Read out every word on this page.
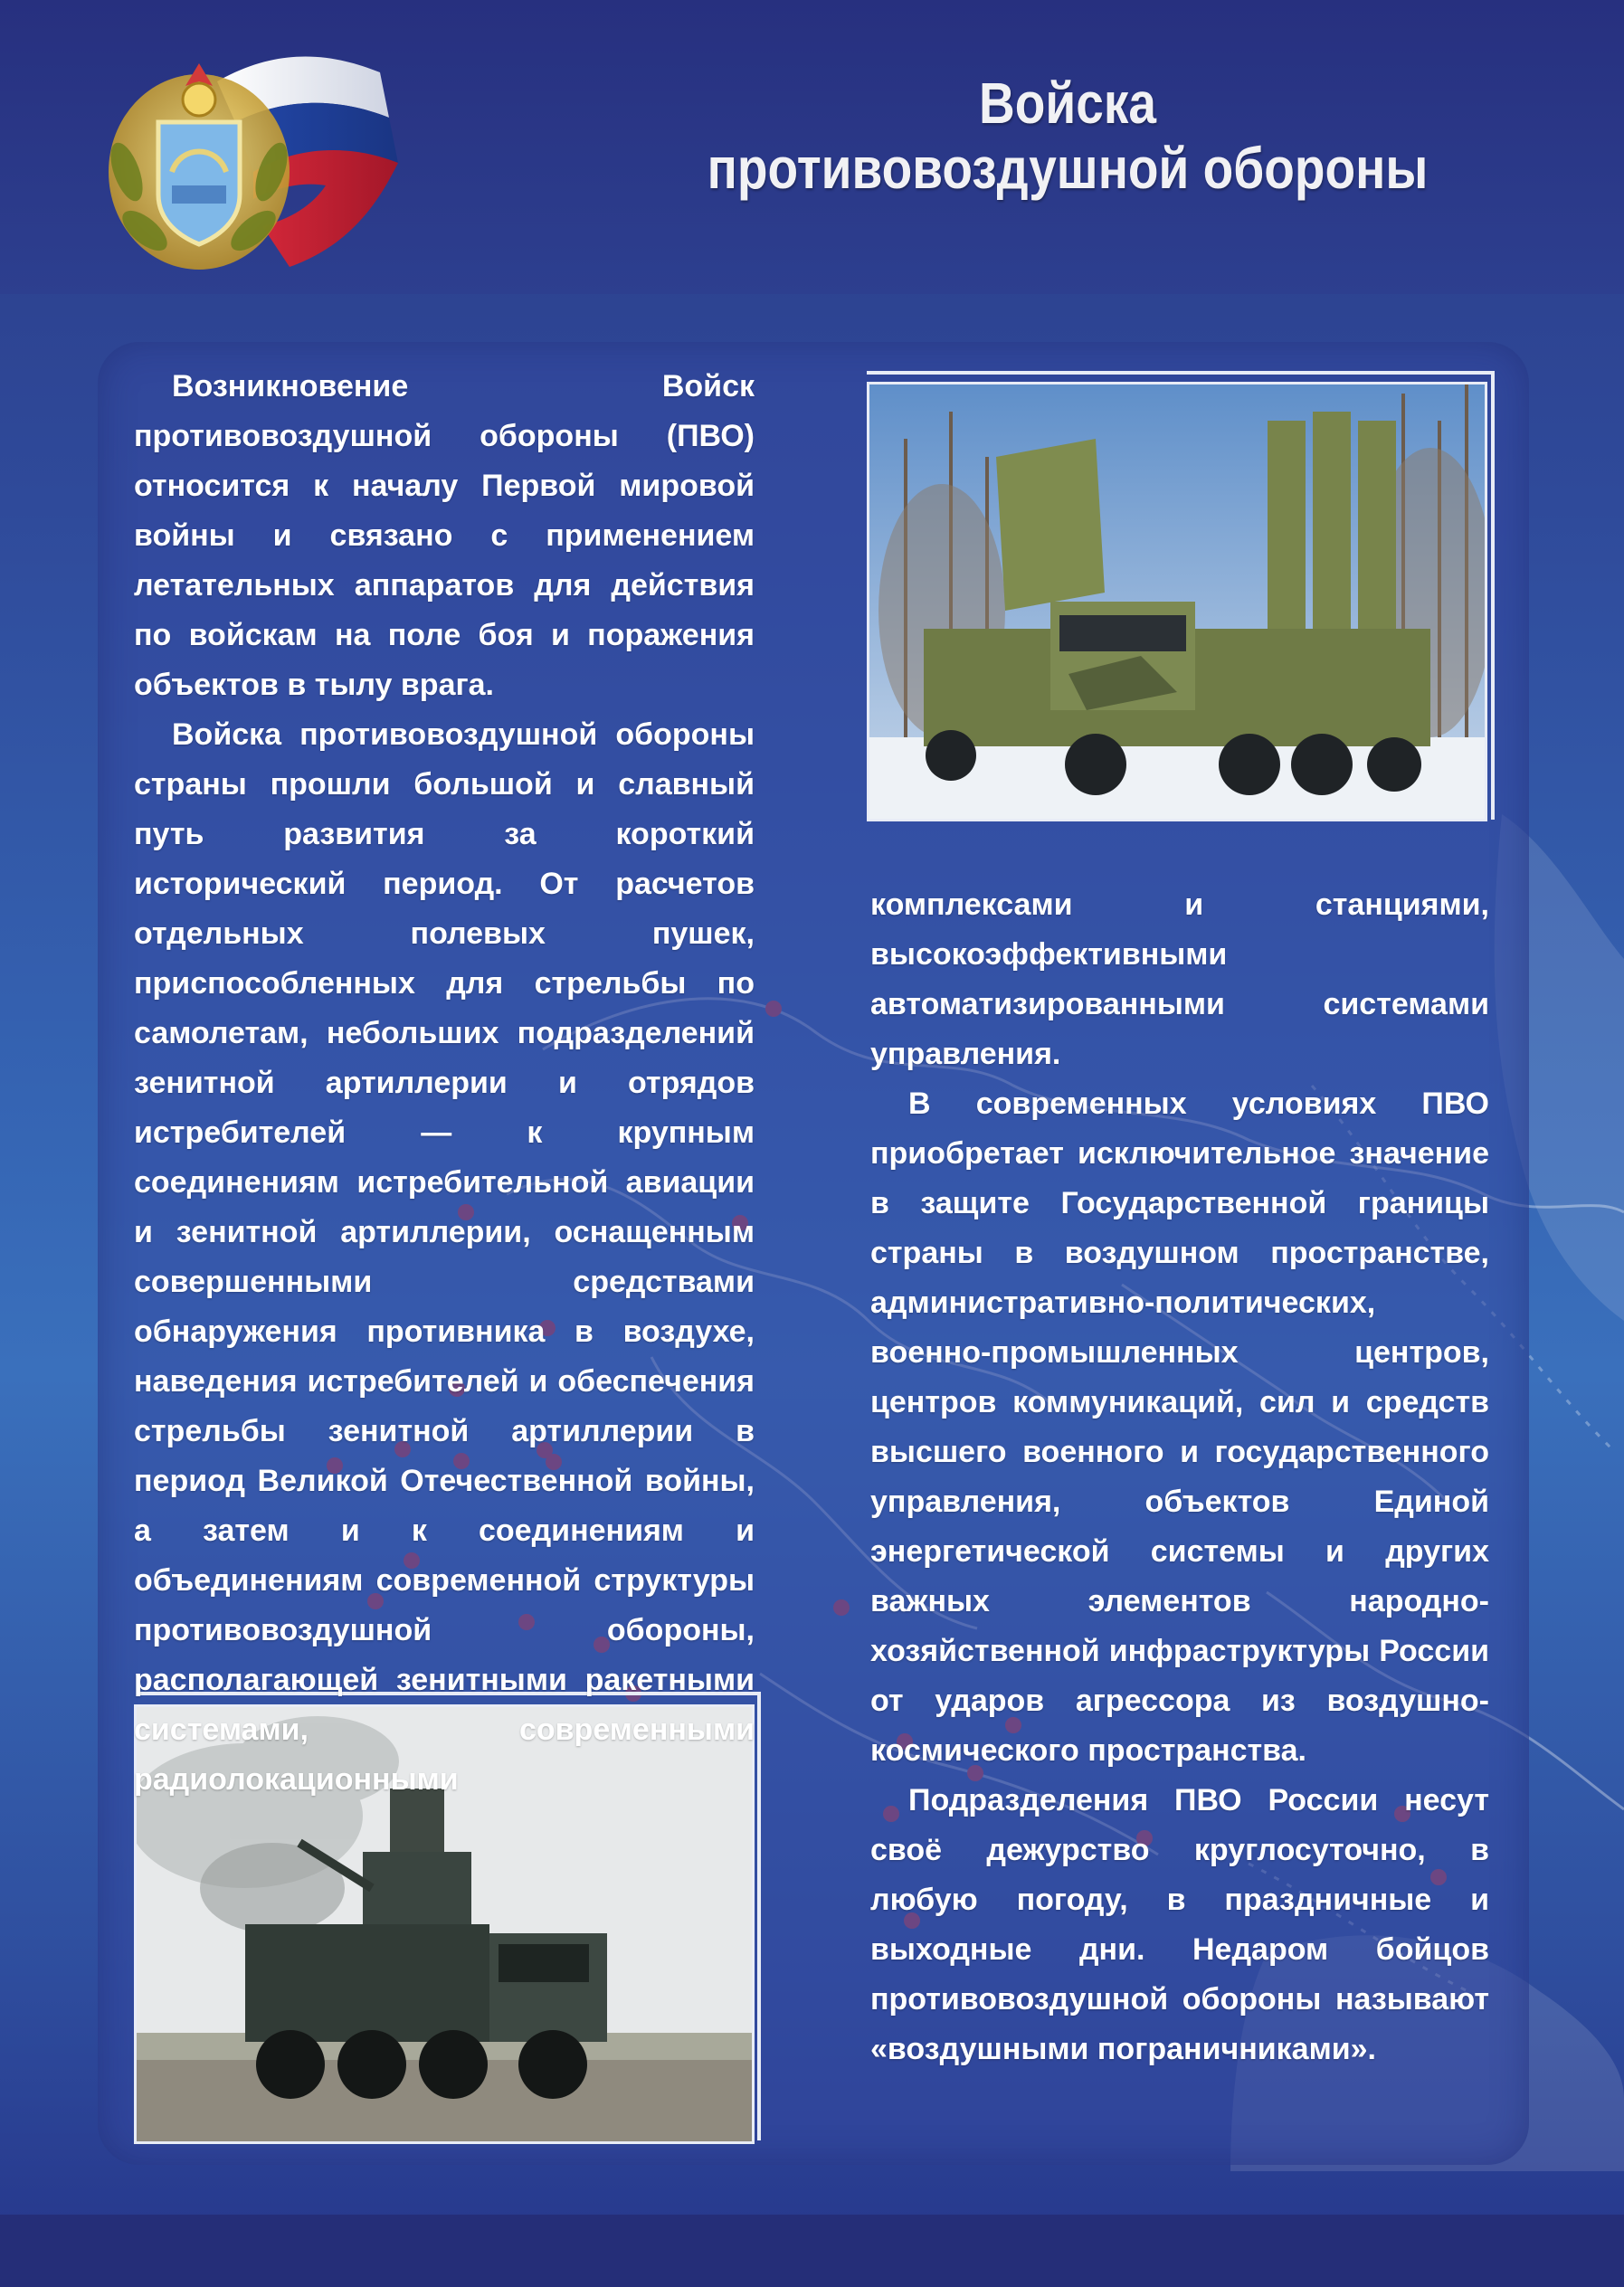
Войска
противовоздушной обороны

Возникновение Войск противовоздушной обороны (ПВО) относится к началу Первой мировой войны и связано с применением летательных аппаратов для действия по войскам на поле боя и поражения объектов в тылу врага.

Войска противовоздушной обороны страны прошли большой и славный путь развития за короткий исторический период. От расчетов отдельных полевых пушек, приспособленных для стрельбы по самолетам, небольших подразделений зенитной артиллерии и отрядов истребителей — к крупным соединениям истребительной авиации и зенитной артиллерии, оснащенным совершенными средствами обнаружения противника в воздухе, наведения истребителей и обеспечения стрельбы зенитной артиллерии в период Великой Отечественной войны, а затем и к соединениям и объединениям современной структуры противовоздушной обороны, располагающей зенитными ракетными системами, современными радиолокационными

комплексами и станциями, высокоэффективными автоматизированными системами управления.

В современных условиях ПВО приобретает исключительное значение в защите Государственной границы страны в воздушном пространстве, административно-политических, военно-промышленных центров, центров коммуникаций, сил и средств высшего военного и государственного управления, объектов Единой энергетической системы и других важных элементов народно-хозяйственной инфраструктуры России от ударов агрессора из воздушно-космического пространства.

Подразделения ПВО России несут своё дежурство круглосуточно, в любую погоду, в праздничные и выходные дни. Недаром бойцов противовоздушной обороны называют «воздушными пограничниками».
